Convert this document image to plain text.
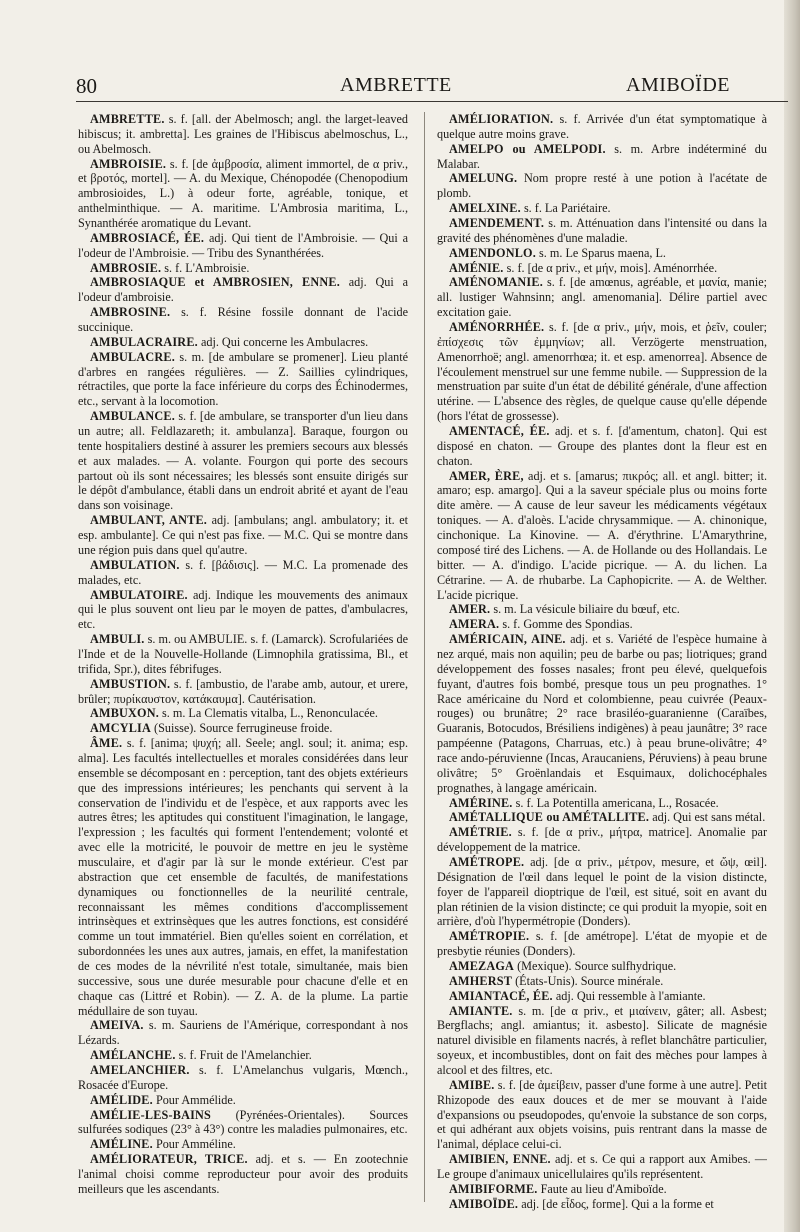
80	AMBRETTE	AMIBOÏDE

AMBRETTE. s. f. [all. der Abelmosch; angl. the larget-leaved hibiscus; it. ambretta]. Les graines de l'Hibiscus abelmoschus, L., ou Abelmosch.

AMBROISIE. s. f. [de ἀμβροσία, aliment immortel, de α priv., et βροτός, mortel]. — A. du Mexique, Chénopodée (Chenopodium ambrosioides, L.) à odeur forte, agréable, tonique, et anthelminthique. — A. maritime. L'Ambrosia maritima, L., Synanthérée aromatique du Levant.

AMBROSIACÉ, ÉE. adj. Qui tient de l'Ambroisie. — Qui a l'odeur de l'Ambroisie. — Tribu des Synanthérées.

AMBROSIE. s. f. L'Ambroisie.

AMBROSIAQUE et AMBROSIEN, ENNE. adj. Qui a l'odeur d'ambroisie.

AMBROSINE. s. f. Résine fossile donnant de l'acide succinique.

AMBULACRAIRE. adj. Qui concerne les Ambulacres.

AMBULACRE. s. m. [de ambulare se promener]. Lieu planté d'arbres en rangées régulières. — Z. Saillies cylindriques, rétractiles, que porte la face inférieure du corps des Échinodermes, etc., servant à la locomotion.

AMBULANCE. s. f. [de ambulare, se transporter d'un lieu dans un autre; all. Feldlazareth; it. ambulanza]. Baraque, fourgon ou tente hospitaliers destiné à assurer les premiers secours aux blessés et aux malades. — A. volante. Fourgon qui porte des secours partout où ils sont nécessaires; les blessés sont ensuite dirigés sur le dépôt d'ambulance, établi dans un endroit abrité et ayant de l'eau dans son voisinage.

AMBULANT, ANTE. adj. [ambulans; angl. ambulatory; it. et esp. ambulante]. Ce qui n'est pas fixe. — M.C. Qui se montre dans une région puis dans quel qu'autre.

AMBULATION. s. f. [βάδισις]. — M.C. La promenade des malades, etc.

AMBULATOIRE. adj. Indique les mouvements des animaux qui le plus souvent ont lieu par le moyen de pattes, d'ambulacres, etc.

AMBULI. s. m. ou AMBULIE. s. f. (Lamarck). Scrofulariées de l'Inde et de la Nouvelle-Hollande (Limnophila gratissima, Bl., et trifida, Spr.), dites fébrifuges.

AMBUSTION. s. f. [ambustio, de l'arabe amb, autour, et urere, brûler; πυρίκαυστον, κατάκαυμα]. Cautérisation.

AMBUXON. s. m. La Clematis vitalba, L., Renonculacée.

AMCYLIA (Suisse). Source ferrugineuse froide.

ÂME. s. f. [anima; ψυχή; all. Seele; angl. soul; it. anima; esp. alma]. Les facultés intellectuelles et morales considérées dans leur ensemble se décomposant en : perception, tant des objets extérieurs que des impressions intérieures; les penchants qui servent à la conservation de l'individu et de l'espèce, et aux rapports avec les autres êtres; les aptitudes qui constituent l'imagination, le langage, l'expression ; les facultés qui forment l'entendement; volonté et avec elle la motricité, le pouvoir de mettre en jeu le système musculaire, et d'agir par là sur le monde extérieur. C'est par abstraction que cet ensemble de facultés, de manifestations dynamiques ou fonctionnelles de la neurilité centrale, reconnaissant les mêmes conditions d'accomplissement intrinsèques et extrinsèques que les autres fonctions, est considéré comme un tout immatériel. Bien qu'elles soient en corrélation, et subordonnées les unes aux autres, jamais, en effet, la manifestation de ces modes de la névrilité n'est totale, simultanée, mais bien successive, sous une durée mesurable pour chacune d'elle et en chaque cas (Littré et Robin). — Z. A. de la plume. La partie médullaire de son tuyau.

AMEIVA. s. m. Sauriens de l'Amérique, correspondant à nos Lézards.

AMÉLANCHE. s. f. Fruit de l'Amelanchier.

AMELANCHIER. s. f. L'Amelanchus vulgaris, Mœnch., Rosacée d'Europe.

AMÉLIDE. Pour Ammélide.

AMÉLIE-LES-BAINS (Pyrénées-Orientales). Sources sulfurées sodiques (23° à 43°) contre les maladies pulmonaires, etc.

AMÉLINE. Pour Amméline.

AMÉLIORATEUR, TRICE. adj. et s. — En zootechnie l'animal choisi comme reproducteur pour avoir des produits meilleurs que les ascendants.

AMÉLIORATION. s. f. Arrivée d'un état symptomatique à quelque autre moins grave.

AMELPO ou AMELPODI. s. m. Arbre indéterminé du Malabar.

AMELUNG. Nom propre resté à une potion à l'acétate de plomb.

AMELXINE. s. f. La Pariétaire.

AMENDEMENT. s. m. Atténuation dans l'intensité ou dans la gravité des phénomènes d'une maladie.

AMENDONLO. s. m. Le Sparus maena, L.

AMÉNIE. s. f. [de α priv., et μήν, mois]. Aménorrhée.

AMÉNOMANIE. s. f. [de amœnus, agréable, et μανία, manie; all. lustiger Wahnsinn; angl. amenomania]. Délire partiel avec excitation gaie.

AMÉNORRHÉE. s. f. [de α priv., μήν, mois, et ῥεῖν, couler; ἐπίσχεσις τῶν ἐμμηνίων; all. Verzögerte menstruation, Amenorrhoë; angl. amenorrhœa; it. et esp. amenorrea]. Absence de l'écoulement menstruel sur une femme nubile. — Suppression de la menstruation par suite d'un état de débilité générale, d'une affection utérine. — L'absence des règles, de quelque cause qu'elle dépende (hors l'état de grossesse).

AMENTACÉ, ÉE. adj. et s. f. [d'amentum, chaton]. Qui est disposé en chaton. — Groupe des plantes dont la fleur est en chaton.

AMER, ÈRE, adj. et s. [amarus; πικρός; all. et angl. bitter; it. amaro; esp. amargo]. Qui a la saveur spéciale plus ou moins forte dite amère. — A cause de leur saveur les médicaments végétaux toniques. — A. d'aloès. L'acide chrysammique. — A. chinonique, cinchonique. La Kinovine. — A. d'érythrine. L'Amarythrine, composé tiré des Lichens. — A. de Hollande ou des Hollandais. Le bitter. — A. d'indigo. L'acide picrique. — A. du lichen. La Cétrarine. — A. de rhubarbe. La Caphopicrite. — A. de Welther. L'acide picrique.

AMER. s. m. La vésicule biliaire du bœuf, etc.

AMERA. s. f. Gomme des Spondias.

AMÉRICAIN, AINE. adj. et s. Variété de l'espèce humaine à nez arqué, mais non aquilin; peu de barbe ou pas; liotriques; grand développement des fosses nasales; front peu élevé, quelquefois fuyant, d'autres fois bombé, presque tous un peu prognathes. 1° Race américaine du Nord et colombienne, peau cuivrée (Peaux-rouges) ou brunâtre; 2° race brasiléo-guaranienne (Caraïbes, Guaranis, Botocudos, Brésiliens indigènes) à peau jaunâtre; 3° race pampéenne (Patagons, Charruas, etc.) à peau brune-olivâtre; 4° race ando-péruvienne (Incas, Araucaniens, Péruviens) à peau brune olivâtre; 5° Groënlandais et Esquimaux, dolichocéphales prognathes, à langage américain.

AMÉRINE. s. f. La Potentilla americana, L., Rosacée.

AMÉTALLIQUE ou AMÉTALLITE. adj. Qui est sans métal.

AMÉTRIE. s. f. [de α priv., μήτρα, matrice]. Anomalie par développement de la matrice.

AMÉTROPE. adj. [de α priv., μέτρον, mesure, et ὤψ, œil]. Désignation de l'œil dans lequel le point de la vision distincte, foyer de l'appareil dioptrique de l'œil, est situé, soit en avant du plan rétinien de la vision distincte; ce qui produit la myopie, soit en arrière, d'où l'hypermétropie (Donders).

AMÉTROPIE. s. f. [de amétrope]. L'état de myopie et de presbytie réunies (Donders).

AMEZAGA (Mexique). Source sulfhydrique.

AMHERST (États-Unis). Source minérale.

AMIANTACÉ, ÉE. adj. Qui ressemble à l'amiante.

AMIANTE. s. m. [de α priv., et μιαίνειν, gâter; all. Asbest; Bergflachs; angl. amiantus; it. asbesto]. Silicate de magnésie naturel divisible en filaments nacrés, à reflet blanchâtre particulier, soyeux, et incombustibles, dont on fait des mèches pour lampes à alcool et des filtres, etc.

AMIBE. s. f. [de ἀμείβειν, passer d'une forme à une autre]. Petit Rhizopode des eaux douces et de mer se mouvant à l'aide d'expansions ou pseudopodes, qu'envoie la substance de son corps, et qui adhérant aux objets voisins, puis rentrant dans la masse de l'animal, déplace celui-ci.

AMIBIEN, ENNE. adj. et s. Ce qui a rapport aux Amibes. — Le groupe d'animaux unicellulaires qu'ils représentent.

AMIBIFORME. Faute au lieu d'Amiboïde.

AMIBOÏDE. adj. [de εἶδος, forme]. Qui a la forme et
